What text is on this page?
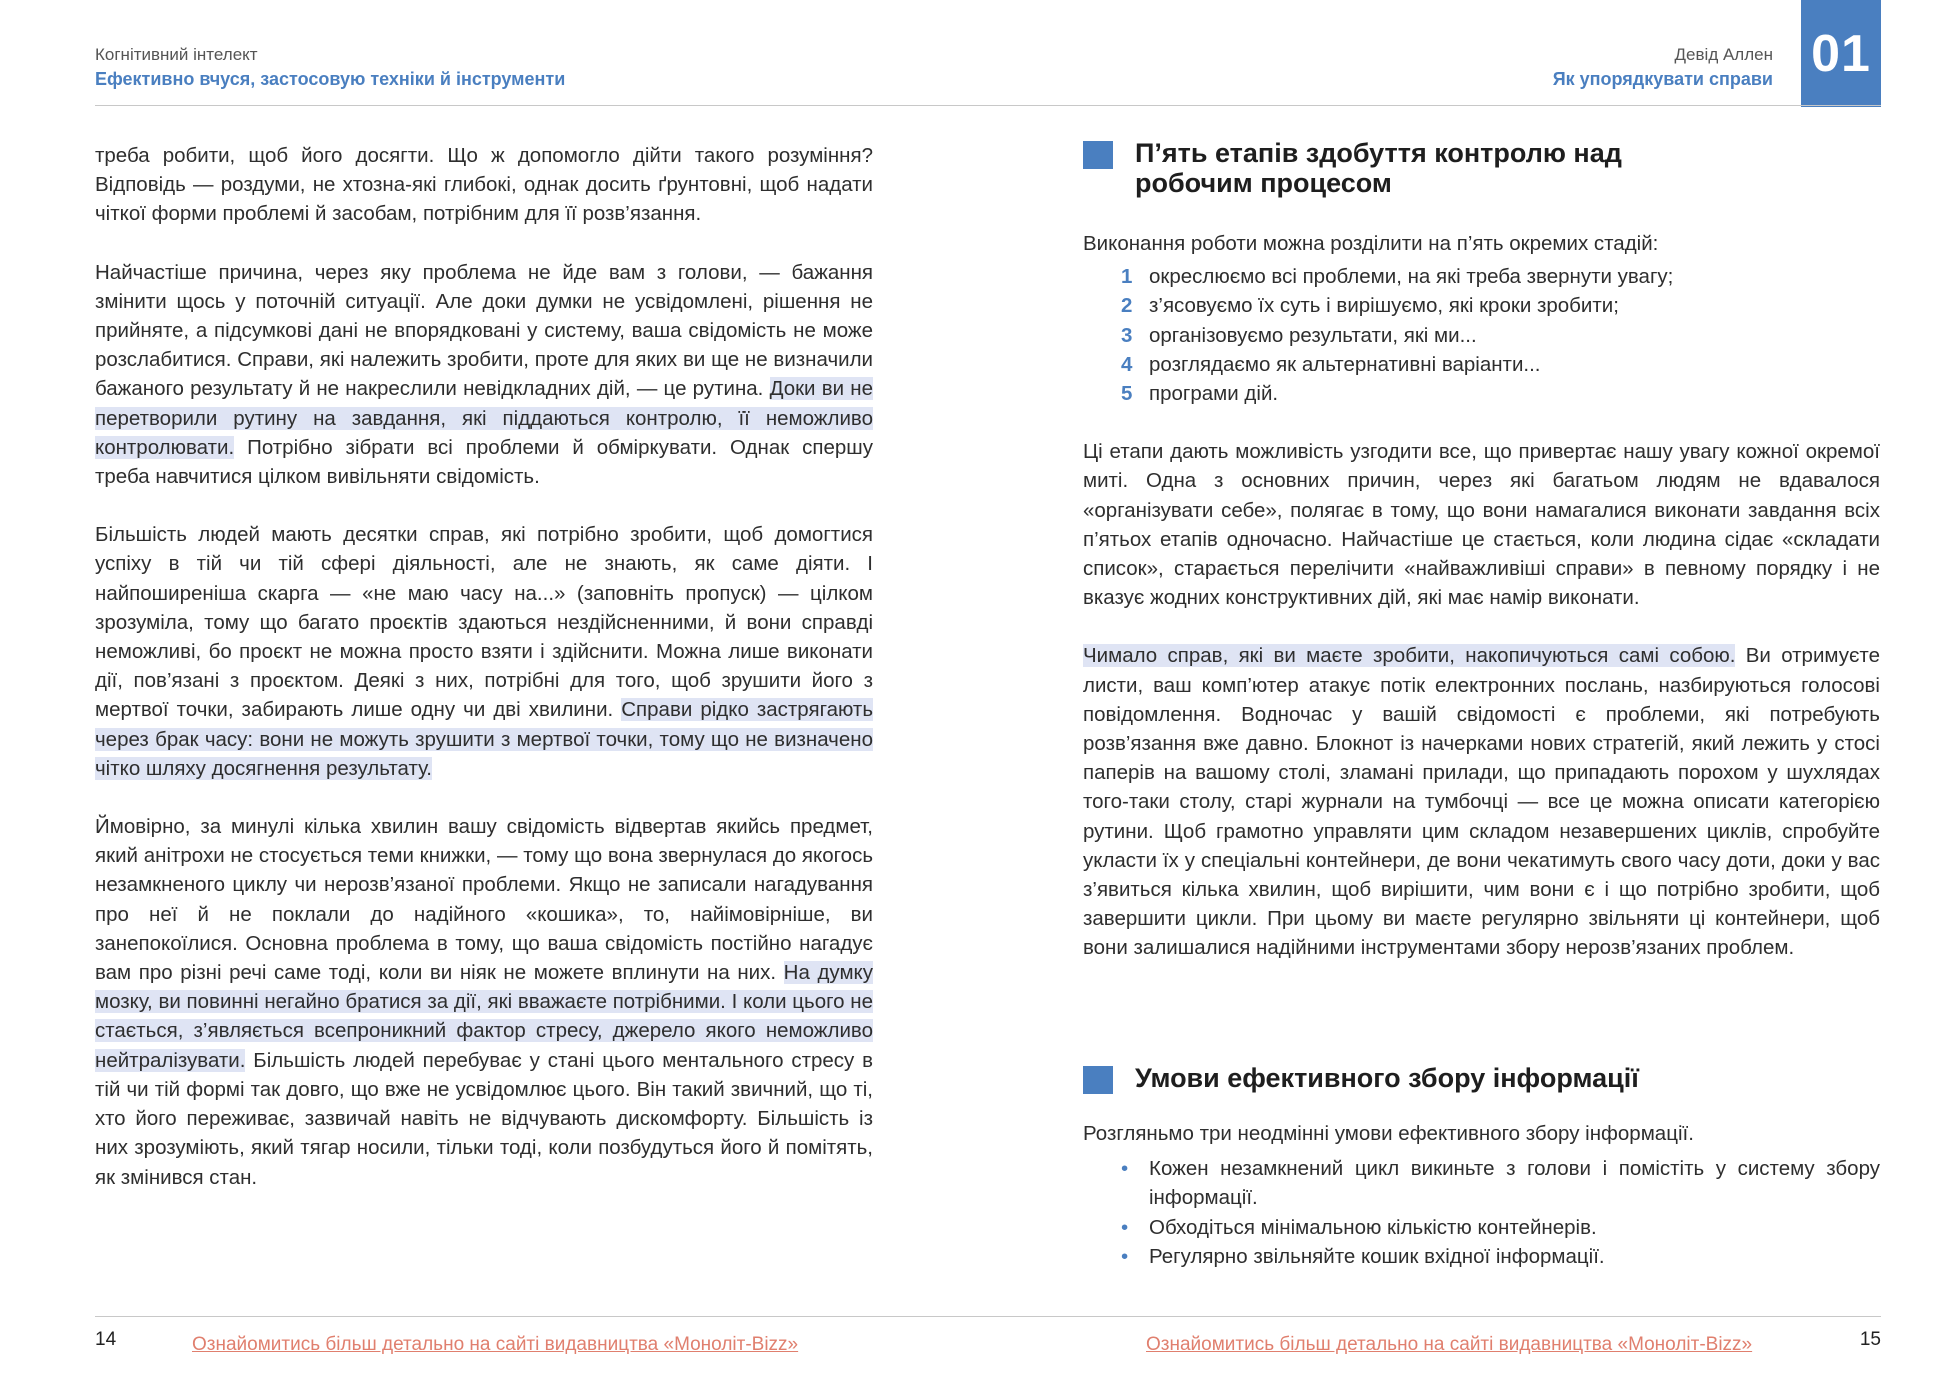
Когнітивний інтелект
Ефективно вчуся, застосовую техніки й інструменти

треба робити, щоб його досягти. Що ж допомогло дійти такого розуміння? Відповідь — роздуми, не хтозна-які глибокі, однак досить ґрунтовні, щоб надати чіткої форми проблемі й засобам, потрібним для її розв’язання.

Найчастіше причина, через яку проблема не йде вам з голови, — бажання змінити щось у поточній ситуації. Але доки думки не усвідомлені, рішення не прийняте, а підсумкові дані не впорядковані у систему, ваша свідомість не може розслабитися. Справи, які належить зробити, проте для яких ви ще не визначили бажаного результату й не накреслили невідкладних дій, — це рутина. Доки ви не перетворили рутину на завдання, які піддаються контролю, її неможливо контролювати. Потрібно зібрати всі проблеми й обміркувати. Однак спершу треба навчитися цілком вивільняти свідомість.

Більшість людей мають десятки справ, які потрібно зробити, щоб домогтися успіху в тій чи тій сфері діяльності, але не знають, як саме діяти. І найпоширеніша скарга — «не маю часу на...» (заповніть пропуск) — цілком зрозуміла, тому що багато проєктів здаються нездійсненними, й вони справді неможливі, бо проєкт не можна просто взяти і здійснити. Можна лише виконати дії, пов’язані з проєктом. Деякі з них, потрібні для того, щоб зрушити його з мертвої точки, забирають лише одну чи дві хвилини. Справи рідко застрягають через брак часу: вони не можуть зрушити з мертвої точки, тому що не визначено чітко шляху досягнення результату.

Ймовірно, за минулі кілька хвилин вашу свідомість відвертав якийсь предмет, який анітрохи не стосується теми книжки, — тому що вона звернулася до якогось незамкненого циклу чи нерозв’язаної проблеми. Якщо не записали нагадування про неї й не поклали до надійного «кошика», то, найімовірніше, ви занепокоїлися. Основна проблема в тому, що ваша свідомість постійно нагадує вам про різні речі саме тоді, коли ви ніяк не можете вплинути на них. На думку мозку, ви повинні негайно братися за дії, які вважаєте потрібними. І коли цього не стається, з’являється всепроникний фактор стресу, джерело якого неможливо нейтралізувати. Більшість людей перебуває у стані цього ментального стресу в тій чи тій формі так довго, що вже не усвідомлює цього. Він такий звичний, що ті, хто його переживає, зазвичай навіть не відчувають дискомфорту. Більшість із них зрозуміють, який тягар носили, тільки тоді, коли позбудуться його й помітять, як змінився стан.

14	Ознайомитись більш детально на сайті видавництва «Моноліт-Bizz»
Девід Аллен
Як упорядкувати справи 01
П’ять етапів здобуття контролю над робочим процесом

Виконання роботи можна розділити на п’ять окремих стадій:

1 окреслюємо всі проблеми, на які треба звернути увагу;
2 з’ясовуємо їх суть і вирішуємо, які кроки зробити;
3 організовуємо результати, які ми...
4 розглядаємо як альтернативні варіанти...
5 програми дій.

Ці етапи дають можливість узгодити все, що привертає нашу увагу кожної окремої миті. Одна з основних причин, через які багатьом людям не вдавалося «організувати себе», полягає в тому, що вони намагалися виконати завдання всіх п’ятьох етапів одночасно. Найчастіше це стається, коли людина сідає «складати список», старається перелічити «найважливіші справи» в певному порядку і не вказує жодних конструктивних дій, які має намір виконати.

Чимало справ, які ви маєте зробити, накопичуються самі собою. Ви отримуєте листи, ваш комп’ютер атакує потік електронних послань, назбируються голосові повідомлення. Водночас у вашій свідомості є проблеми, які потребують розв’язання вже давно. Блокнот із начерками нових стратегій, який лежить у стосі паперів на вашому столі, зламані прилади, що припадають порохом у шухлядах того-таки столу, старі журнали на тумбочці — все це можна описати категорією рутини. Щоб грамотно управляти цим складом незавершених циклів, спробуйте укласти їх у спеціальні контейнери, де вони чекатимуть свого часу доти, доки у вас з’явиться кілька хвилин, щоб вирішити, чим вони є і що потрібно зробити, щоб завершити цикли. При цьому ви маєте регулярно звільняти ці контейнери, щоб вони залишалися надійними інструментами збору нерозв’язаних проблем.

Умови ефективного збору інформації

Розгляньмо три неодмінні умови ефективного збору інформації.

•	Кожен незамкнений цикл викиньте з голови і помістіть у систему збору інформації.
•	Обходіться мінімальною кількістю контейнерів.
•	Регулярно звільняйте кошик вхідної інформації.
Ознайомитись більш детально на сайті видавництва «Моноліт-Bizz»	15
